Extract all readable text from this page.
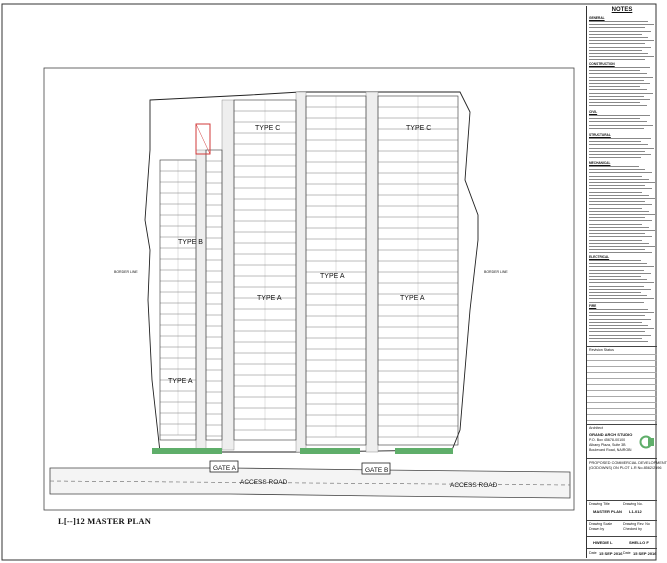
TYPE C	TYPE C
TYPE B
TYPE A
TYPE A	TYPE A
TYPE A
GATE A	GATE B
ACCESS ROAD	ACCESS ROAD
BORDER LINE	BORDER LINE
L[--]12 MASTER PLAN
NOTES
GENERAL
CONSTRUCTION
CIVIL
STRUCTURAL
MECHANICAL
ELECTRICAL
FIRE
Revision Status
Architect
GRAND ARCH STUDIO
P.O. Box 45678-00100
Albany Plaza, Suite 3B
Boulevard Road, NAIROBI
PROPOSED COMMERCIAL DEVELOPMENT
(GODOWNS) ON PLOT L.R No.8562/2596
Drawing Title	Drawing No.
MASTER PLAN L1-012
Drawing Scale	Drawing Rev. No
Drawn by	Checked by
HWEDIE L	SHELLO F
Date 15 SEP 2016 Date 15 SEP 2016
